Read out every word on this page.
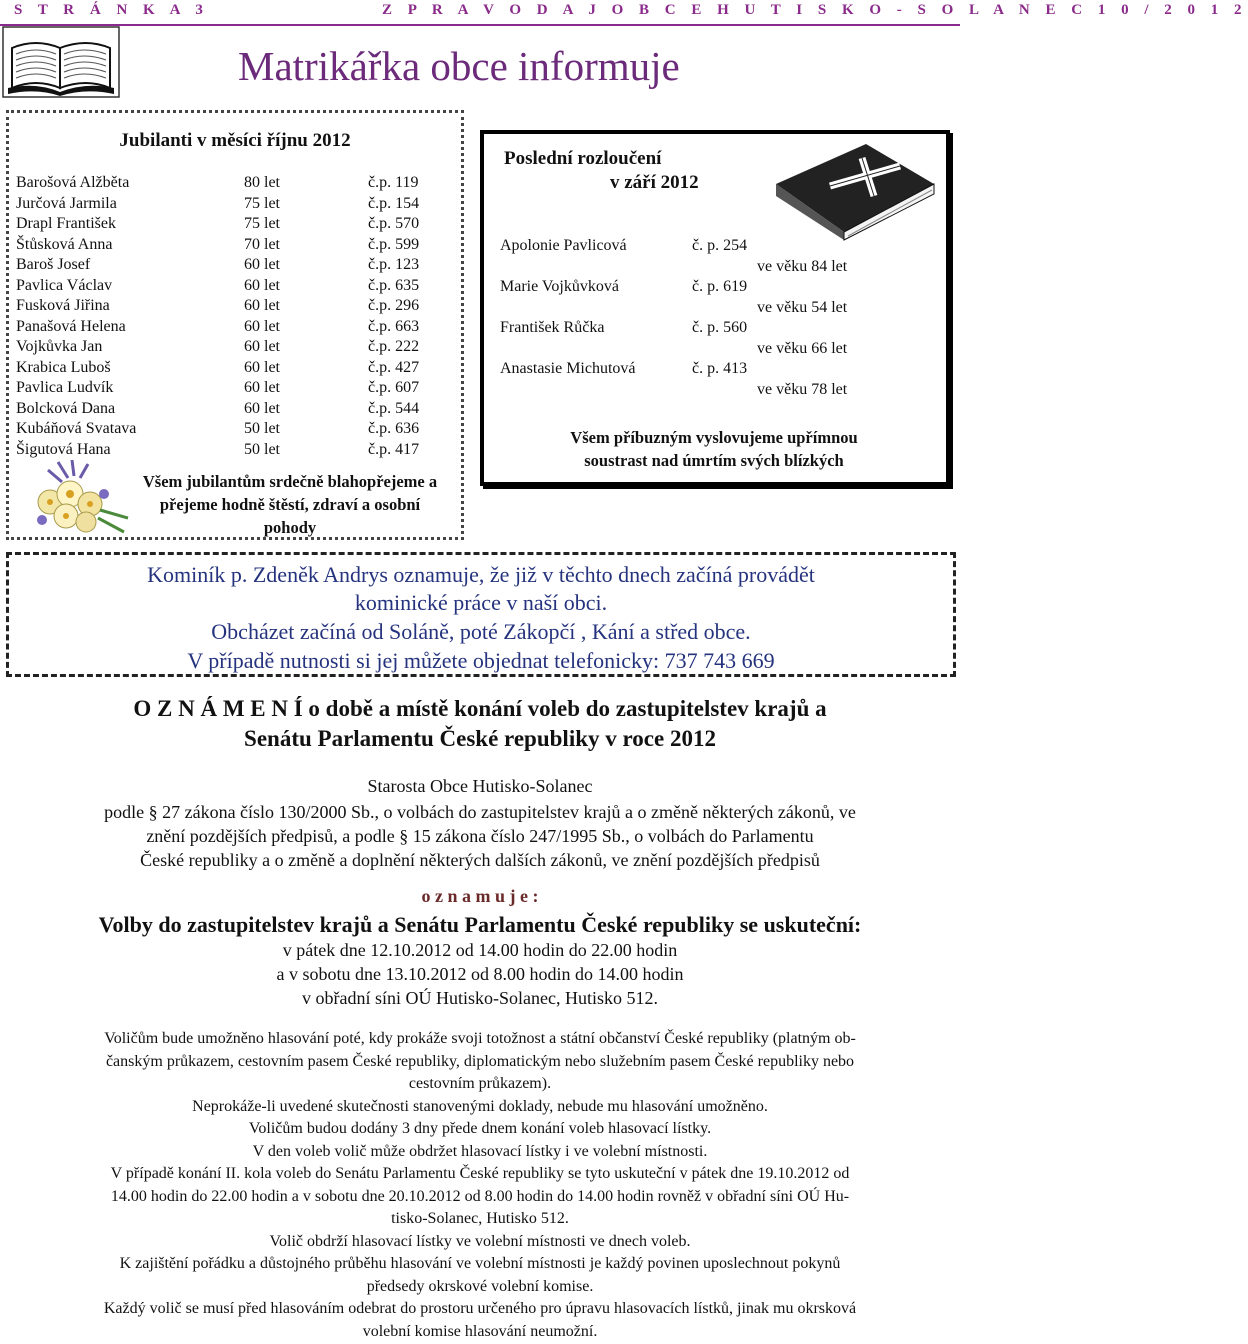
S T R Á N K A 3	Z P R A V O D A J O B C E H U T I S K O - S O L A N E C 1 0 / 2 0 1 2
Matrikářka obce informuje
Jubilanti v měsíci říjnu 2012
Barošová Alžběta	80 let	č.p. 119
Jurčová Jarmila	75 let	č.p. 154
Drapl František	75 let	č.p. 570
Štůsková Anna	70 let	č.p. 599
Baroš Josef	60 let	č.p. 123
Pavlica Václav	60 let	č.p. 635
Fusková Jiřina	60 let	č.p. 296
Panašová Helena	60 let	č.p. 663
Vojkůvka Jan	60 let	č.p. 222
Krabica Luboš	60 let	č.p. 427
Pavlica Ludvík	60 let	č.p. 607
Bolcková Dana	60 let	č.p. 544
Kubáňová Svatava	50 let	č.p. 636
Šigutová Hana	50 let	č.p. 417
Všem jubilantům srdečně blahopřejeme a přejeme hodně štěstí, zdraví a osobní pohody
Poslední rozloučení
v září 2012
Apolonie Pavlicová	č. p. 254
ve věku 84 let
Marie Vojkůvková	č. p. 619
ve věku 54 let
František Růčka	č. p. 560
ve věku 66 let
Anastasie Michutová	č. p. 413
ve věku 78 let
Všem příbuzným vyslovujeme upřímnou
soustrast nad úmrtím svých blízkých
Kominík p. Zdeněk Andrys oznamuje, že již v těchto dnech začíná provádět
kominické práce v naší obci.
Obcházet začíná od Soláně, poté Zákopčí , Kání a střed obce.
V případě nutnosti si jej můžete objednat telefonicky: 737 743 669
O Z N Á M E N Í o době a místě konání voleb do zastupitelstev krajů a
Senátu Parlamentu České republiky v roce 2012
Starosta Obce Hutisko-Solanec
podle § 27 zákona číslo 130/2000 Sb., o volbách do zastupitelstev krajů a o změně některých zákonů, ve
znění pozdějších předpisů, a podle § 15 zákona číslo 247/1995 Sb., o volbách do Parlamentu
České republiky a o změně a doplnění některých dalších zákonů, ve znění pozdějších předpisů
o z n a m u j e :
Volby do zastupitelstev krajů a Senátu Parlamentu České republiky se uskuteční:
v pátek dne 12.10.2012 od 14.00 hodin do 22.00 hodin
a v sobotu dne 13.10.2012 od 8.00 hodin do 14.00 hodin
v obřadní síni OÚ Hutisko-Solanec, Hutisko 512.
Voličům bude umožněno hlasování poté, kdy prokáže svoji totožnost a státní občanství České republiky (platným ob-
čanským průkazem, cestovním pasem České republiky, diplomatickým nebo služebním pasem České republiky nebo
cestovním průkazem).
Neprokáže-li uvedené skutečnosti stanovenými doklady, nebude mu hlasování umožněno.
Voličům budou dodány 3 dny přede dnem konání voleb hlasovací lístky.
V den voleb volič může obdržet hlasovací lístky i ve volební místnosti.
V případě konání II. kola voleb do Senátu Parlamentu České republiky se tyto uskuteční v pátek dne 19.10.2012 od
14.00 hodin do 22.00 hodin a v sobotu dne 20.10.2012 od 8.00 hodin do 14.00 hodin rovněž v obřadní síni OÚ Hu-
tisko-Solanec, Hutisko 512.
Volič obdrží hlasovací lístky ve volební místnosti ve dnech voleb.
K zajištění pořádku a důstojného průběhu hlasování ve volební místnosti je každý povinen uposlechnout pokynů
předsedy okrskové volební komise.
Každý volič se musí před hlasováním odebrat do prostoru určeného pro úpravu hlasovacích lístků, jinak mu okrsková
volební komise hlasování neumožní.
